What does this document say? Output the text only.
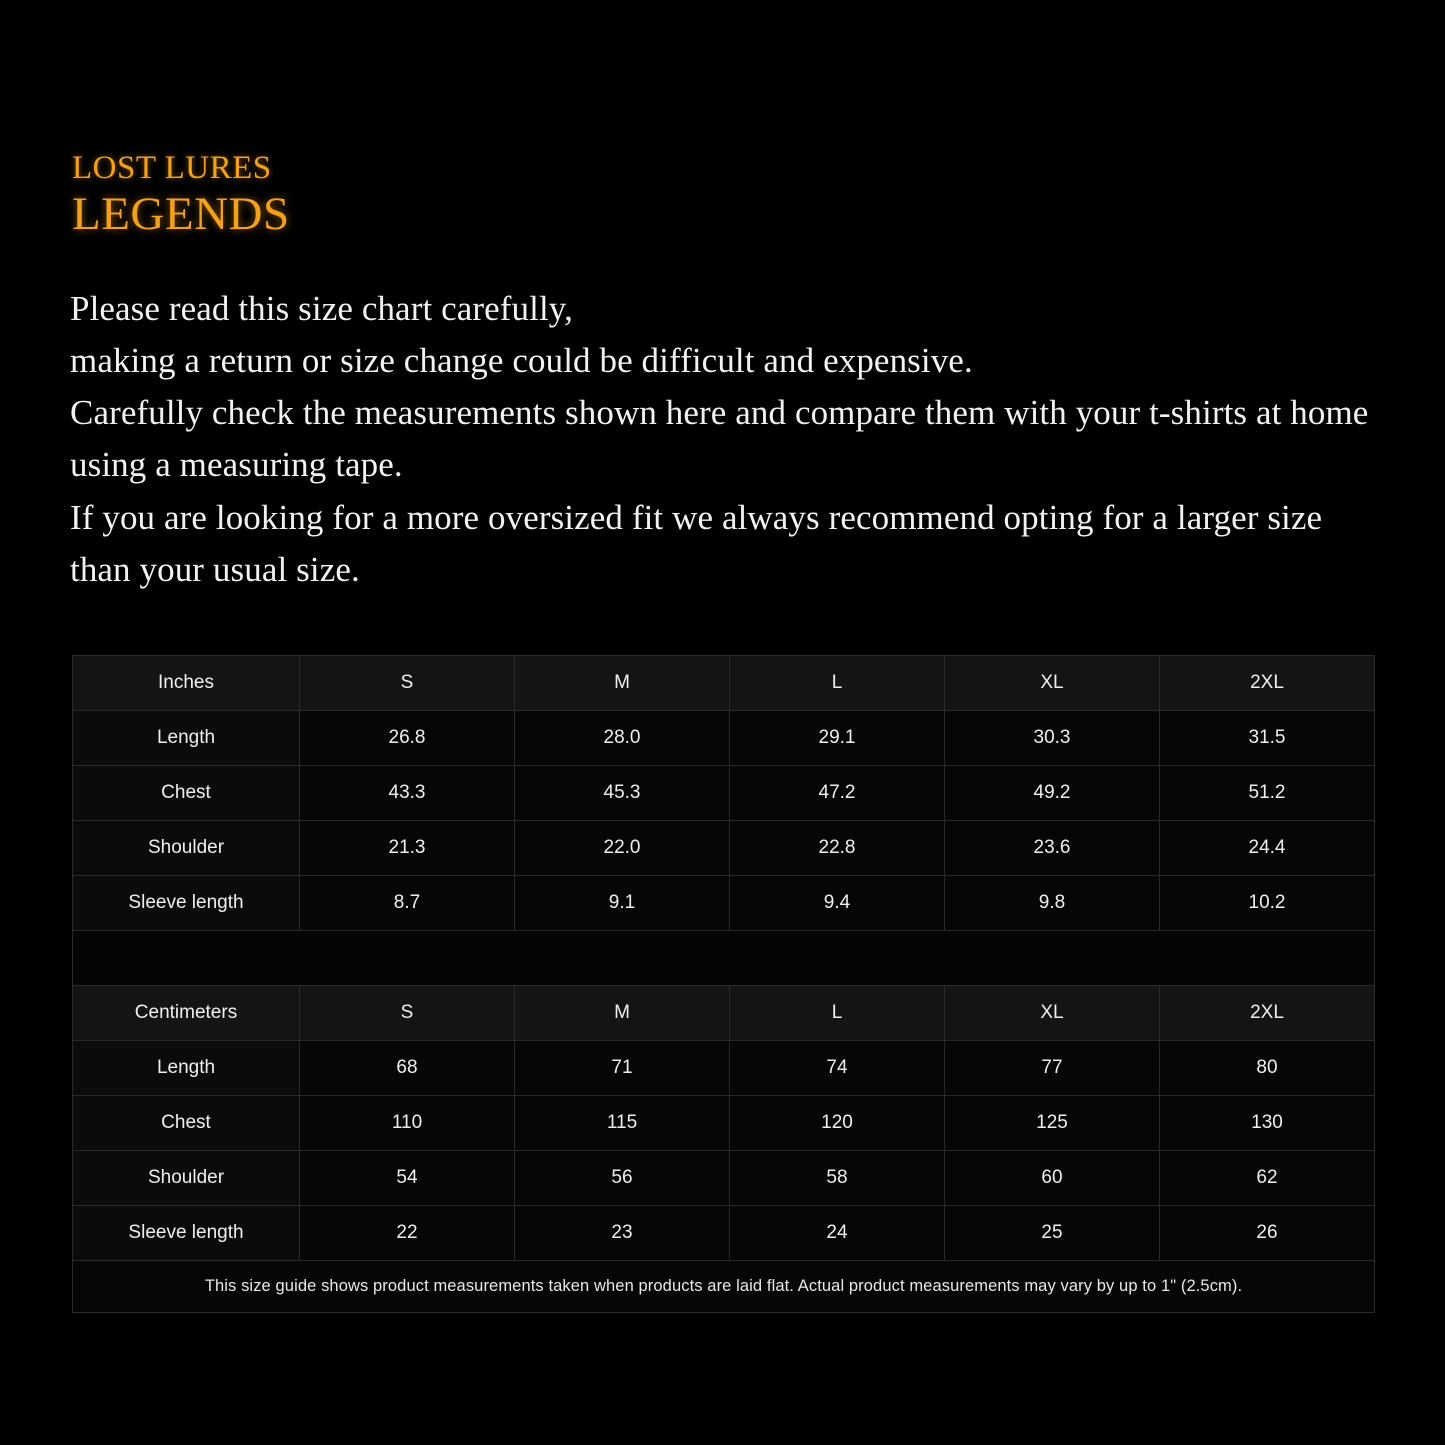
LOST LURES
LEGENDS

Please read this size chart carefully,

making a return or size change could be difficult and expensive.

Carefully check the measurements shown here and compare them with your t-shirts at home using a measuring tape.

If you are looking for a more oversized fit we always recommend opting for a larger size than your usual size.

Inches	S	M	L	XL	2XL
Length	26.8	28.0	29.1	30.3	31.5
Chest	43.3	45.3	47.2	49.2	51.2
Shoulder	21.3	22.0	22.8	23.6	24.4
Sleeve length	8.7	9.1	9.4	9.8	10.2

Centimeters	S	M	L	XL	2XL
Length	68	71	74	77	80
Chest	110	115	120	125	130
Shoulder	54	56	58	60	62
Sleeve length	22	23	24	25	26
This size guide shows product measurements taken when products are laid flat. Actual product measurements may vary by up to 1" (2.5cm).
